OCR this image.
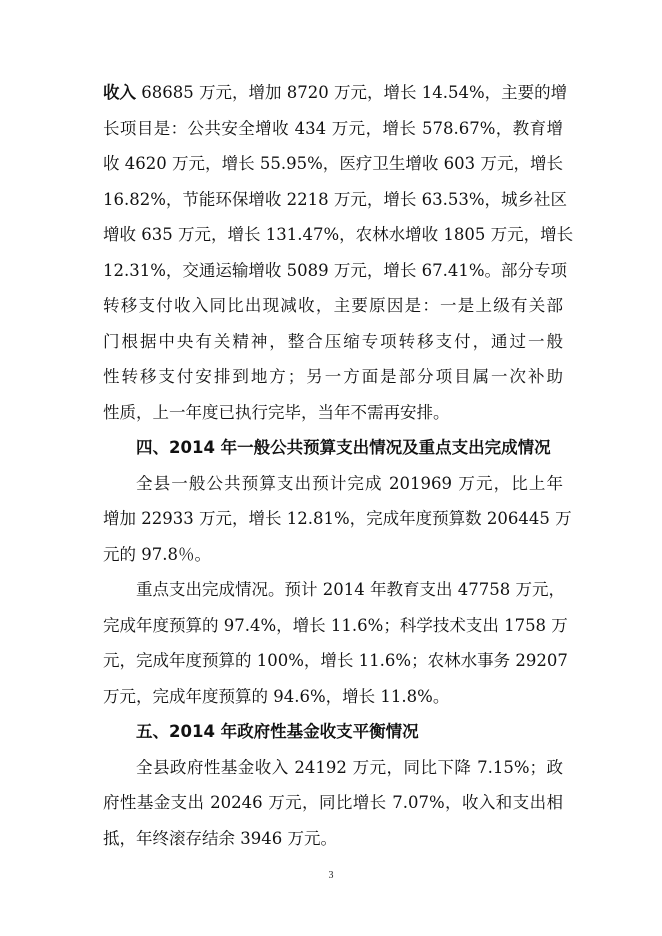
收入 68685 万元，增加 8720 万元，增长 14.54%，主要的增
长项目是：公共安全增收 434 万元，增长 578.67%，教育增
收 4620 万元，增长 55.95%，医疗卫生增收 603 万元，增长
16.82%，节能环保增收 2218 万元，增长 63.53%，城乡社区
增收 635 万元，增长 131.47%，农林水增收 1805 万元，增长
12.31%，交通运输增收 5089 万元，增长 67.41%。部分专项
转移支付收入同比出现减收，主要原因是：一是上级有关部
门根据中央有关精神，整合压缩专项转移支付，通过一般
性转移支付安排到地方；另一方面是部分项目属一次补助
性质，上一年度已执行完毕，当年不需再安排。
四、2014 年一般公共预算支出情况及重点支出完成情况
全县一般公共预算支出预计完成 201969 万元，比上年
增加 22933 万元，增长 12.81%，完成年度预算数 206445 万
元的 97.8％。
重点支出完成情况。预计 2014 年教育支出 47758 万元，
完成年度预算的 97.4%，增长 11.6%；科学技术支出 1758 万
元，完成年度预算的 100%，增长 11.6%；农林水事务 29207
万元，完成年度预算的 94.6%，增长 11.8%。
五、2014 年政府性基金收支平衡情况
全县政府性基金收入 24192 万元，同比下降 7.15%；政
府性基金支出 20246 万元，同比增长 7.07%，收入和支出相
抵，年终滚存结余 3946 万元。
3
